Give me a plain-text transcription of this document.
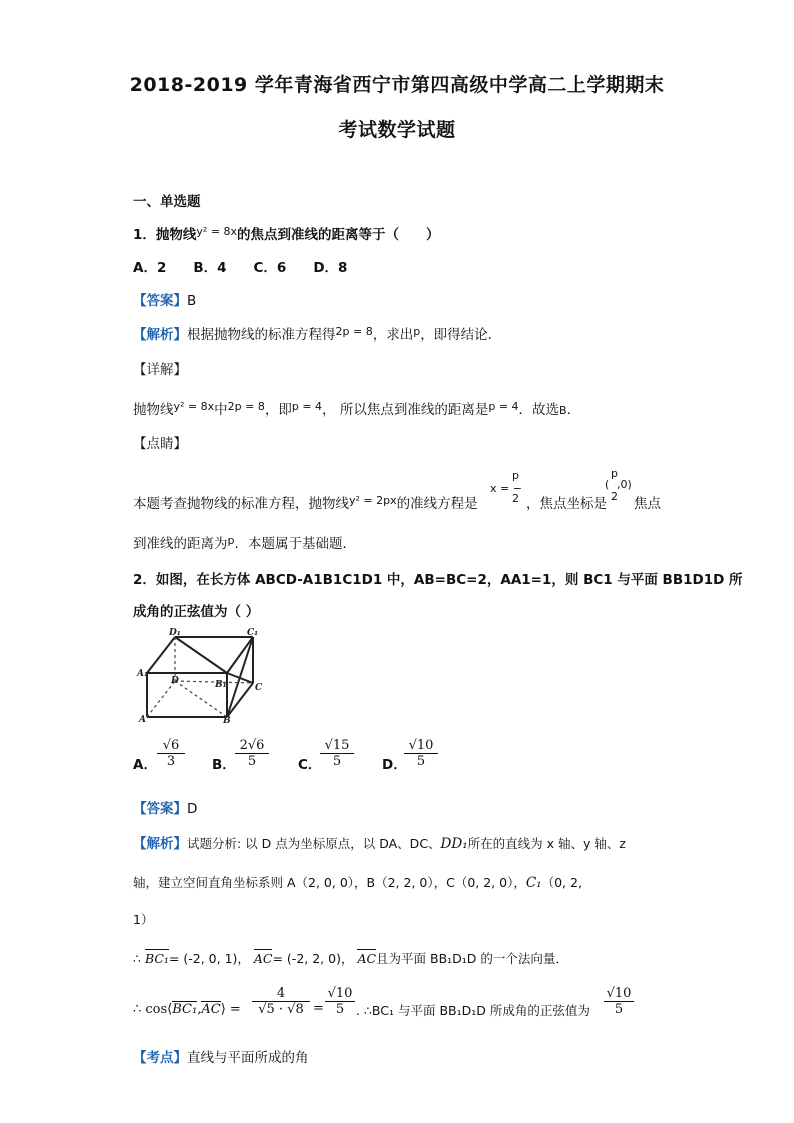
2018-2019 学年青海省西宁市第四高级中学高二上学期期末
考试数学试题
一、单选题
1．抛物线$^{y^2 = 8x}$的焦点到准线的距离等于（　　）
A．2　　B．4　　C．6　　D．8
【答案】B
【解析】根据抛物线的标准方程得$^{2p = 8}$，求出$^p$，即得结论．
【详解】
抛物线$^{y^2 = 8x}$中$^{2p = 8}$，即$^{p = 4}$， 所以焦点到准线的距离是$^{p = 4}$．故选B．
【点睛】
本题考查抛物线的标准方程，抛物线$^{y^2 = 2px}$的准线方程是
x = −
p
2 ，焦点坐标是
p
( ,0)
2 焦点
到准线的距离为$^p$．本题属于基础题．
2．如图，在长方体 ABCD-A1B1C1D1 中，AB=BC=2，AA1=1，则 BC1 与平面 BB1D1D 所
成角的正弦值为（ ）
D₁	C₁
A₁
B₁
D
C
A	B
A．
√6
3	B．
2√6
5	C．
√15
5	D．
√10
5
【答案】D
【解析】试题分析: 以 D 点为坐标原点，以 DA、DC、DD₁所在的直线为 x 轴、y 轴、z
轴，建立空间直角坐标系则 A（2, 0, 0），B（2, 2, 0），C（0, 2, 0），C₁（0, 2,
1）
∴ BC₁= (-2, 0, 1)， AC= (-2, 2, 0)， AC且为平面 BB₁D₁D 的一个法向量．
∴ cos⟨BC₁,AC⟩ =
4
√5 · √8 =
√10
5 . ∴BC₁ 与平面 BB₁D₁D 所成角的正弦值为
√10
5
【考点】直线与平面所成的角
